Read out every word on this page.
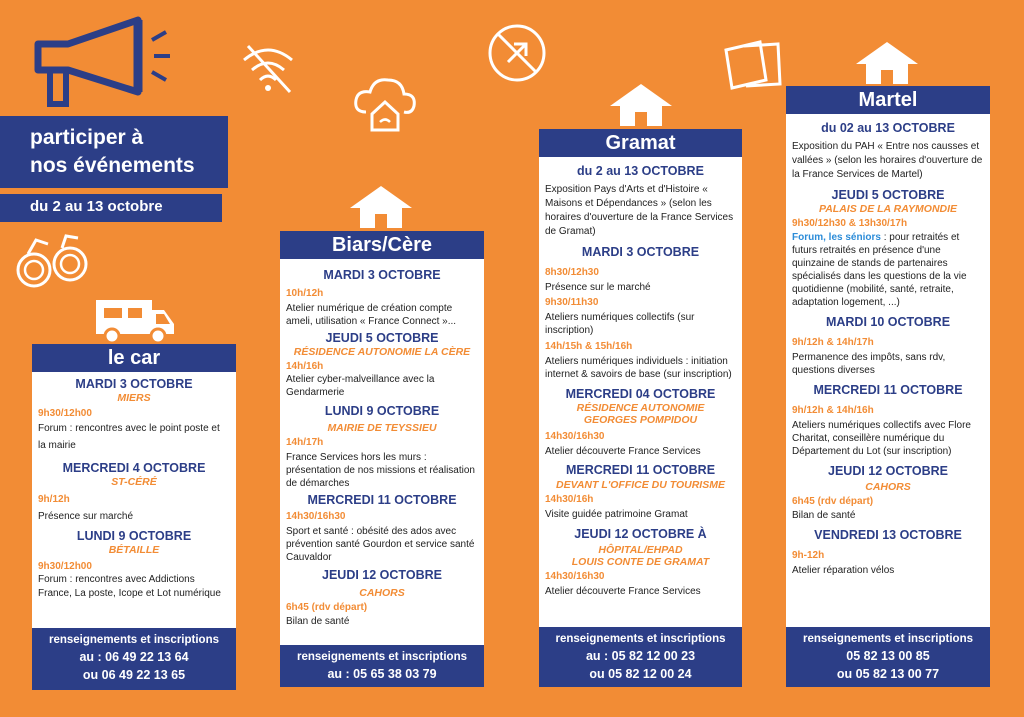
participer à
nos événements
du 2 au 13 octobre
le car
MARDI 3 OCTOBRE
MIERS
9h30/12h00
Forum : rencontres avec le point poste et la mairie
MERCREDI 4 OCTOBRE
ST-CÉRÉ
9h/12h
Présence sur marché
LUNDI 9 OCTOBRE
BÉTAILLE
9h30/12h00
Forum : rencontres avec Addictions France, La poste, Icope et Lot numérique
renseignements et inscriptions
au : 06 49 22 13 64
ou 06 49 22 13 65
Biars/Cère
MARDI 3 OCTOBRE
10h/12h
Atelier numérique de création compte ameli, utilisation « France Connect »...
JEUDI 5 OCTOBRE
RÉSIDENCE AUTONOMIE LA CÈRE
14h/16h
Atelier cyber-malveillance avec la Gendarmerie
LUNDI 9 OCTOBRE
MAIRIE DE TEYSSIEU
14h/17h
France Services hors les murs : présentation de nos missions et réalisation de démarches
MERCREDI 11 OCTOBRE
14h30/16h30
Sport et santé : obésité des ados avec prévention santé Gourdon et service santé Cauvaldor
JEUDI 12 OCTOBRE
CAHORS
6h45 (rdv départ)
Bilan de santé
renseignements et inscriptions
au : 05 65 38 03 79
Gramat
du 2 au 13 OCTOBRE
Exposition Pays d'Arts et d'Histoire « Maisons et Dépendances » (selon les horaires d'ouverture de la France Services de Gramat)
MARDI 3 OCTOBRE
8h30/12h30
Présence sur le marché
9h30/11h30
Ateliers numériques collectifs (sur inscription)
14h/15h & 15h/16h
Ateliers numériques individuels : initiation internet & savoirs de base (sur inscription)
MERCREDI 04 OCTOBRE
RÉSIDENCE AUTONOMIE
GEORGES POMPIDOU
14h30/16h30
Atelier découverte France Services
MERCREDI 11 OCTOBRE
DEVANT L'OFFICE DU TOURISME
14h30/16h
Visite guidée patrimoine Gramat
JEUDI 12 OCTOBRE À
HÔPITAL/EHPAD
LOUIS CONTE DE GRAMAT
14h30/16h30
Atelier découverte France Services
renseignements et inscriptions
au : 05 82 12 00 23
ou 05 82 12 00 24
Martel
du 02 au 13 OCTOBRE
Exposition du PAH « Entre nos causses et vallées » (selon les horaires d'ouverture de la France Services de Martel)
JEUDI 5 OCTOBRE
PALAIS DE LA RAYMONDIE
9h30/12h30 & 13h30/17h
Forum, les séniors : pour retraités et futurs retraités en présence d'une quinzaine de stands de partenaires spécialisés dans les questions de la vie quotidienne (mobilité, santé, retraite, adaptation logement, ...)
MARDI 10 OCTOBRE
9h/12h & 14h/17h
Permanence des impôts, sans rdv, questions diverses
MERCREDI 11 OCTOBRE
9h/12h & 14h/16h
Ateliers numériques collectifs avec Flore Charitat, conseillère numérique du Département du Lot (sur inscription)
JEUDI 12 OCTOBRE
CAHORS
6h45 (rdv départ)
Bilan de santé
VENDREDI 13 OCTOBRE
9h-12h
Atelier réparation vélos
renseignements et inscriptions
05 82 13 00 85
ou 05 82 13 00 77
